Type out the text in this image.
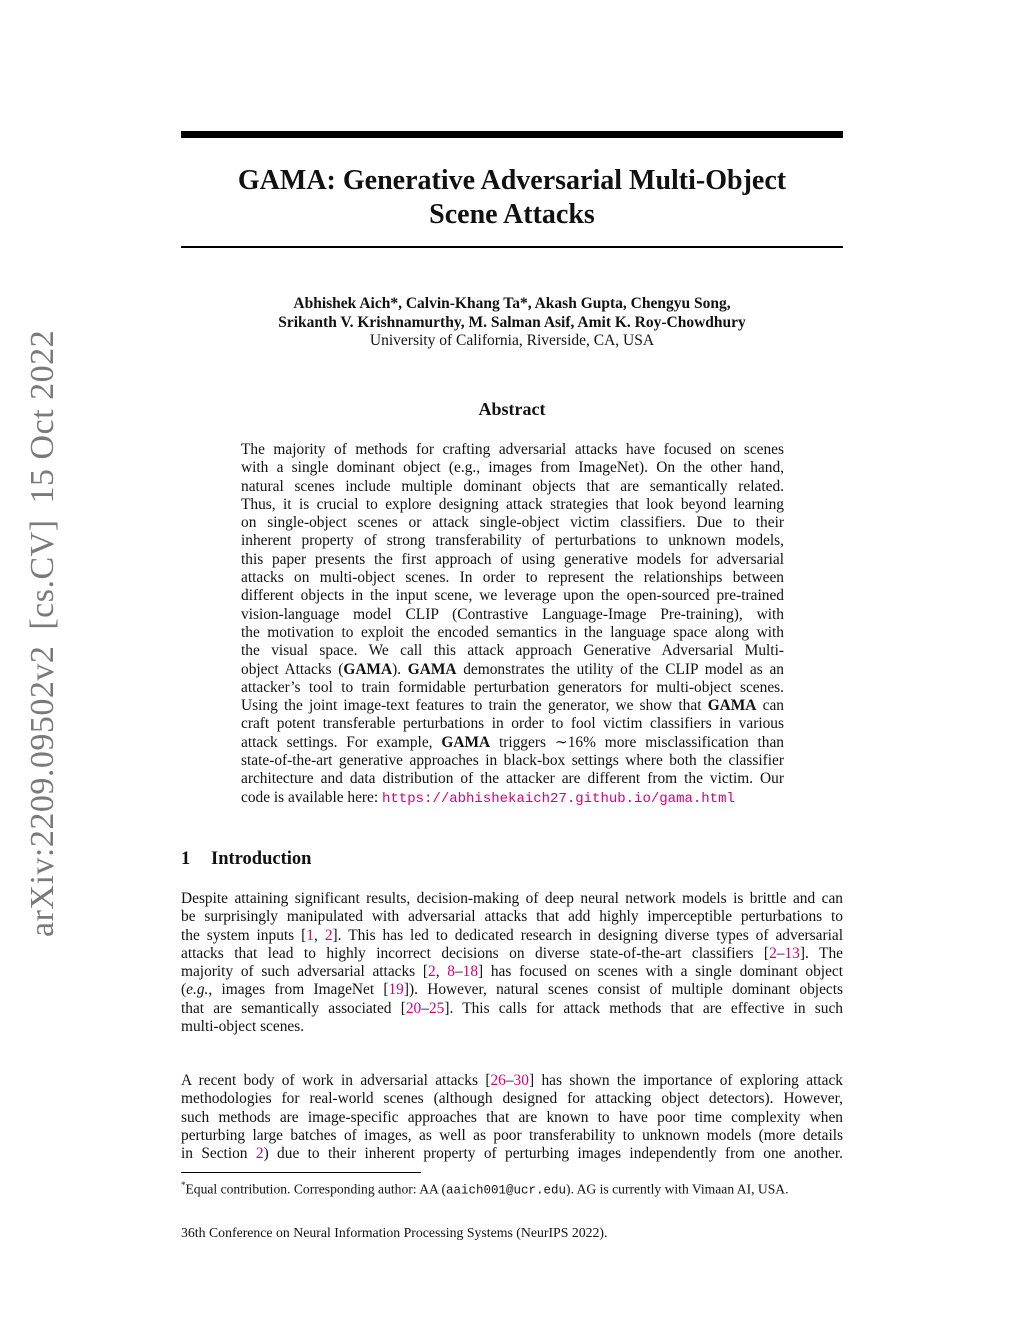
arXiv:2209.09502v2[cs.CV]15 Oct 2022
GAMA: Generative Adversarial Multi-Object
Scene Attacks
Abhishek Aich*, Calvin-Khang Ta*, Akash Gupta, Chengyu Song,
Srikanth V. Krishnamurthy, M. Salman Asif, Amit K. Roy-Chowdhury
University of California, Riverside, CA, USA
Abstract
The majority of methods for crafting adversarial attacks have focused on scenes
with a single dominant object (e.g., images from ImageNet). On the other hand,
natural scenes include multiple dominant objects that are semantically related.
Thus, it is crucial to explore designing attack strategies that look beyond learning
on single-object scenes or attack single-object victim classifiers. Due to their
inherent property of strong transferability of perturbations to unknown models,
this paper presents the first approach of using generative models for adversarial
attacks on multi-object scenes. In order to represent the relationships between
different objects in the input scene, we leverage upon the open-sourced pre-trained
vision-language model CLIP (Contrastive Language-Image Pre-training), with
the motivation to exploit the encoded semantics in the language space along with
the visual space. We call this attack approach Generative Adversarial Multi-
object Attacks (GAMA). GAMA demonstrates the utility of the CLIP model as an
attacker’s tool to train formidable perturbation generators for multi-object scenes.
Using the joint image-text features to train the generator, we show that GAMA can
craft potent transferable perturbations in order to fool victim classifiers in various
attack settings. For example, GAMA triggers ∼16% more misclassification than
state-of-the-art generative approaches in black-box settings where both the classifier
architecture and data distribution of the attacker are different from the victim. Our
code is available here: https://abhishekaich27.github.io/gama.html
1 Introduction
Despite attaining significant results, decision-making of deep neural network models is brittle and can
be surprisingly manipulated with adversarial attacks that add highly imperceptible perturbations to
the system inputs [1, 2]. This has led to dedicated research in designing diverse types of adversarial
attacks that lead to highly incorrect decisions on diverse state-of-the-art classifiers [2–13]. The
majority of such adversarial attacks [2, 8–18] has focused on scenes with a single dominant object
(e.g., images from ImageNet [19]). However, natural scenes consist of multiple dominant objects
that are semantically associated [20–25]. This calls for attack methods that are effective in such
multi-object scenes.
A recent body of work in adversarial attacks [26–30] has shown the importance of exploring attack
methodologies for real-world scenes (although designed for attacking object detectors). However,
such methods are image-specific approaches that are known to have poor time complexity when
perturbing large batches of images, as well as poor transferability to unknown models (more details
in Section 2) due to their inherent property of perturbing images independently from one another.
*Equal contribution. Corresponding author: AA (aaich001@ucr.edu). AG is currently with Vimaan AI, USA.
36th Conference on Neural Information Processing Systems (NeurIPS 2022).
